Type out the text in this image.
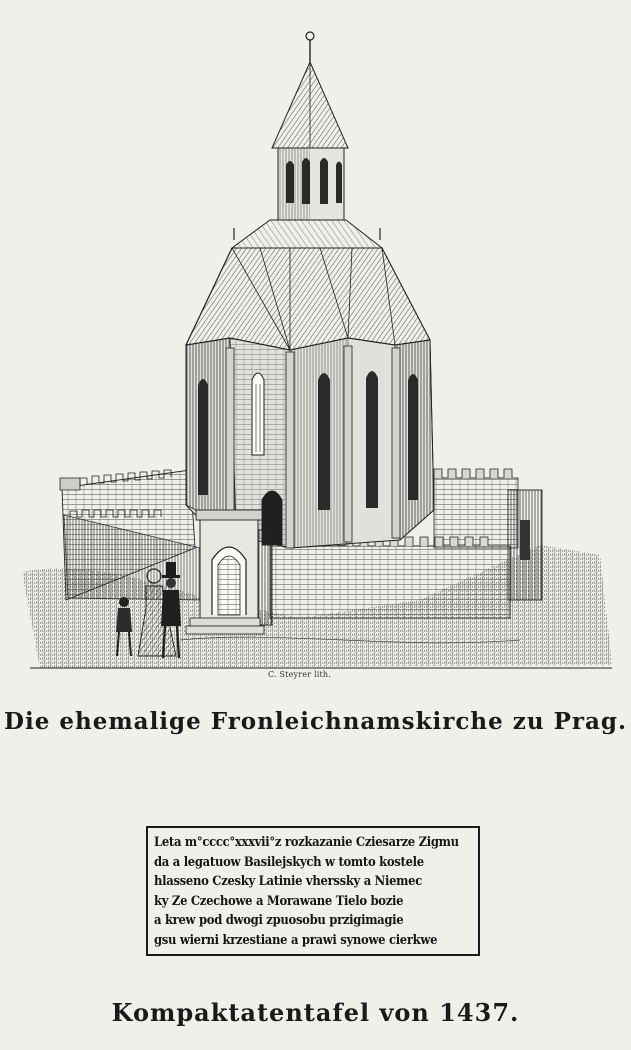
C. Steyrer lith.
Die ehemalige Fronleichnamskirche zu Prag.
Leta m°cccc°xxxvii°z rozkazanie Cziesarze Zigmu
da a legatuow Basilejskych w tomto kostele
hlasseno Czesky Latinie vherssky a Niemec
ky Ze Czechowe a Morawane Tielo bozie
a krew pod dwogi zpuosobu przigimagie
gsu wierni krzestiane a prawi synowe cierkwe
Kompaktatentafel von 1437.
